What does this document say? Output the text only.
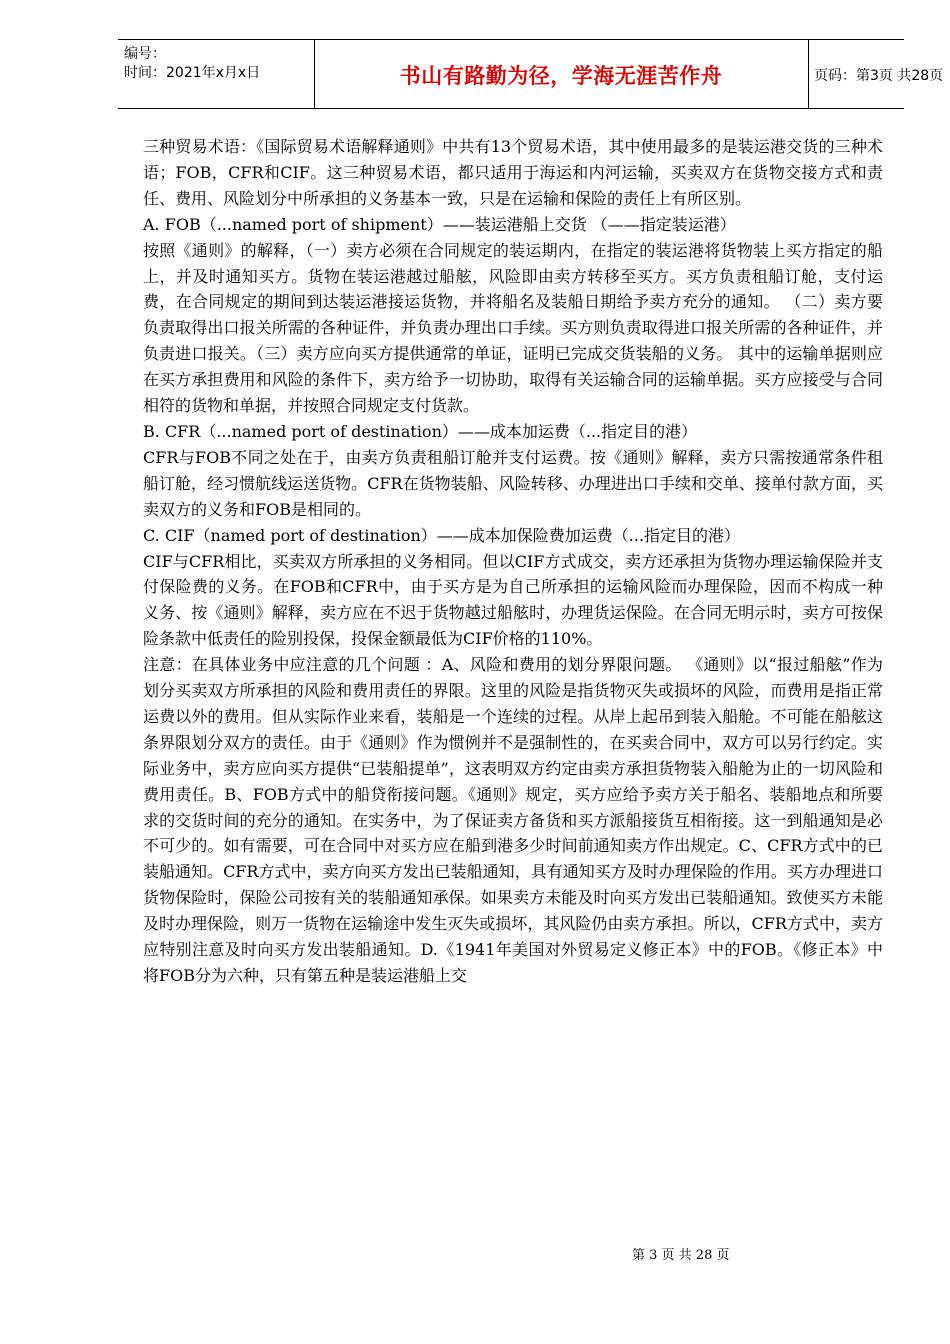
编号：
时间：2021年x月x日	书山有路勤为径，学海无涯苦作舟	页码：第3页 共28页

三种贸易术语：《国际贸易术语解释通则》中共有13个贸易术语，其中使用最多的是装运港交货的三种术语；FOB，CFR和CIF。这三种贸易术语，都只适用于海运和内河运输，买卖双方在货物交接方式和责任、费用、风险划分中所承担的义务基本一致，只是在运输和保险的责任上有所区别。

A. FOB（...named port of shipment）——装运港船上交货 （——指定装运港）

按照《通则》的解释，（一）卖方必须在合同规定的装运期内，在指定的装运港将货物装上买方指定的船上，并及时通知买方。货物在装运港越过船舷，风险即由卖方转移至买方。买方负责租船订舱，支付运费，在合同规定的期间到达装运港接运货物，并将船名及装船日期给予卖方充分的通知。 （二）卖方要负责取得出口报关所需的各种证件，并负责办理出口手续。买方则负责取得进口报关所需的各种证件，并负责进口报关。（三）卖方应向买方提供通常的单证，证明已完成交货装船的义务。 其中的运输单据则应在买方承担费用和风险的条件下，卖方给予一切协助，取得有关运输合同的运输单据。买方应接受与合同相符的货物和单据，并按照合同规定支付货款。

B. CFR（...named port of destination）——成本加运费（...指定目的港）

CFR与FOB不同之处在于，由卖方负责租船订舱并支付运费。按《通则》解释，卖方只需按通常条件租船订舱，经习惯航线运送货物。CFR在货物装船、风险转移、办理进出口手续和交单、接单付款方面，买卖双方的义务和FOB是相同的。

C. CIF（named port of destination）——成本加保险费加运费（...指定目的港）

CIF与CFR相比，买卖双方所承担的义务相同。但以CIF方式成交，卖方还承担为货物办理运输保险并支付保险费的义务。在FOB和CFR中，由于买方是为自己所承担的运输风险而办理保险，因而不构成一种义务、按《通则》解释，卖方应在不迟于货物越过船舷时，办理货运保险。在合同无明示时，卖方可按保险条款中低责任的险别投保，投保金额最低为CIF价格的110%。

注意：在具体业务中应注意的几个问题 ：A、风险和费用的划分界限问题。 《通则》以“报过船舷”作为划分买卖双方所承担的风险和费用责任的界限。这里的风险是指货物灭失或损坏的风险，而费用是指正常运费以外的费用。但从实际作业来看，装船是一个连续的过程。从岸上起吊到装入船舱。不可能在船舷这条界限划分双方的责任。由于《通则》作为惯例并不是强制性的，在买卖合同中，双方可以另行约定。实际业务中，卖方应向买方提供“已装船提单”，这表明双方约定由卖方承担货物装入船舱为止的一切风险和费用责任。B、FOB方式中的船贷衔接问题。《通则》规定，买方应给予卖方关于船名、装船地点和所要求的交货时间的充分的通知。在实务中，为了保证卖方备货和买方派船接货互相衔接。这一到船通知是必不可少的。如有需要，可在合同中对买方应在船到港多少时间前通知卖方作出规定。C、CFR方式中的已装船通知。CFR方式中，卖方向买方发出已装船通知，具有通知买方及时办理保险的作用。买方办理进口货物保险时，保险公司按有关的装船通知承保。如果卖方未能及时向买方发出已装船通知。致使买方未能及时办理保险，则万一货物在运输途中发生灭失或损坏，其风险仍由卖方承担。所以，CFR方式中，卖方应特别注意及时向买方发出装船通知。D.《1941年美国对外贸易定义修正本》中的FOB。《修正本》中将FOB分为六种，只有第五种是装运港船上交

第 3 页 共 28 页
